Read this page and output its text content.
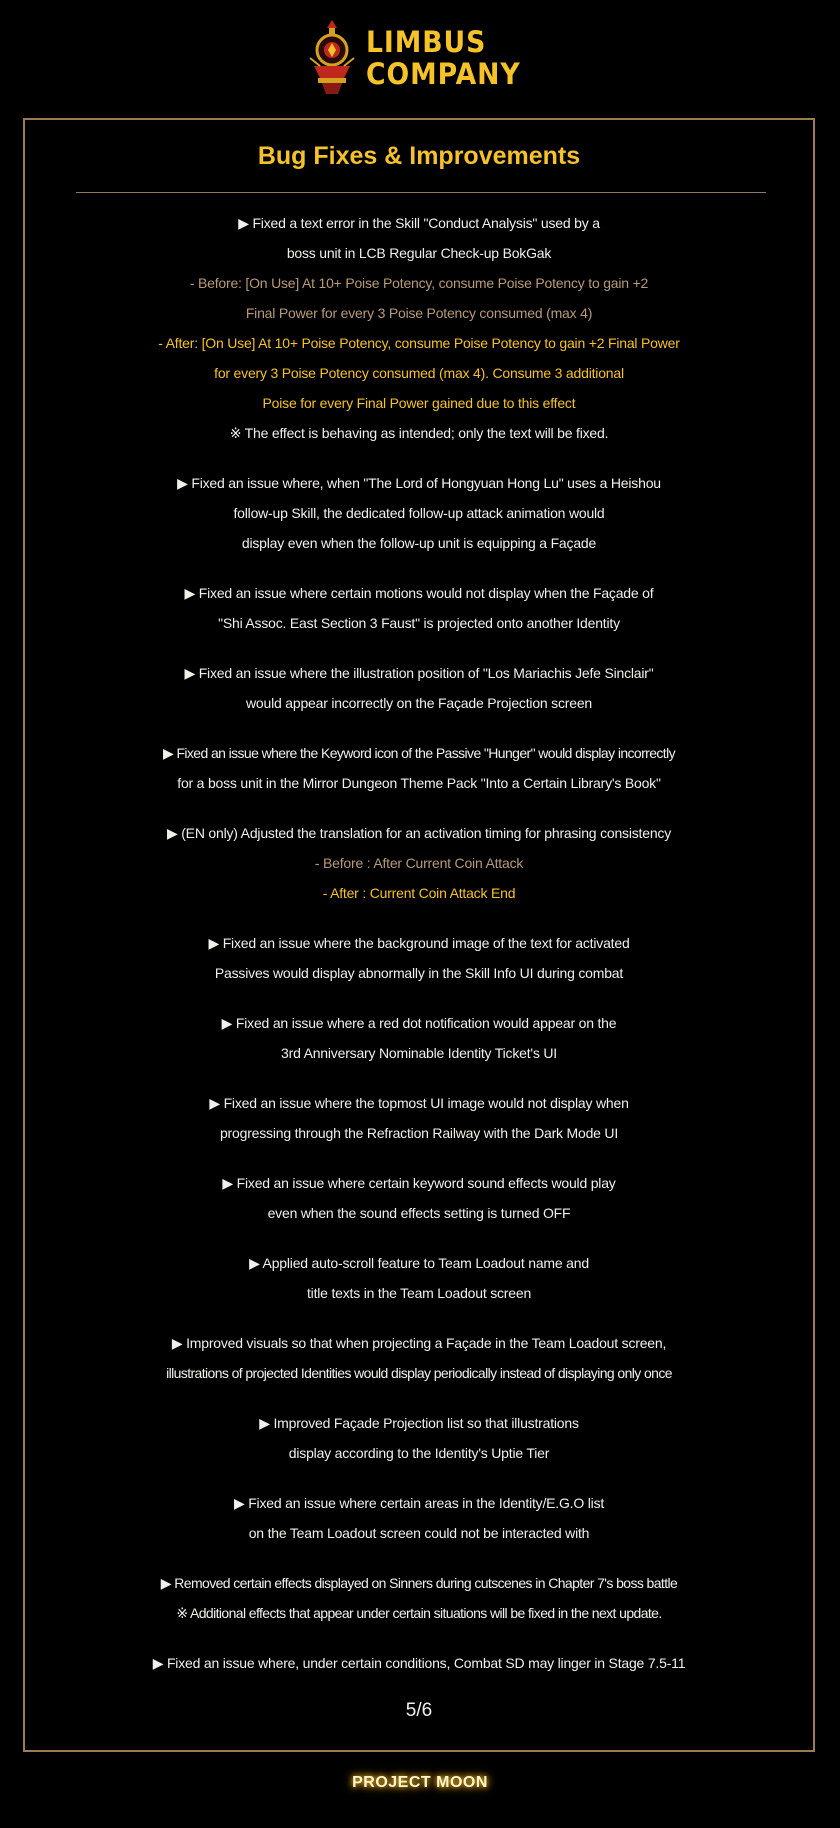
LIMBUS
COMPANY
Bug Fixes & Improvements
▶ Fixed a text error in the Skill "Conduct Analysis" used by a
boss unit in LCB Regular Check-up BokGak
- Before: [On Use] At 10+ Poise Potency, consume Poise Potency to gain +2
Final Power for every 3 Poise Potency consumed (max 4)
- After: [On Use] At 10+ Poise Potency, consume Poise Potency to gain +2 Final Power
for every 3 Poise Potency consumed (max 4). Consume 3 additional
Poise for every Final Power gained due to this effect
※ The effect is behaving as intended; only the text will be fixed.
▶ Fixed an issue where, when "The Lord of Hongyuan Hong Lu" uses a Heishou
follow-up Skill, the dedicated follow-up attack animation would
display even when the follow-up unit is equipping a Façade
▶ Fixed an issue where certain motions would not display when the Façade of
"Shi Assoc. East Section 3 Faust" is projected onto another Identity
▶ Fixed an issue where the illustration position of "Los Mariachis Jefe Sinclair"
would appear incorrectly on the Façade Projection screen
▶ Fixed an issue where the Keyword icon of the Passive "Hunger" would display incorrectly
for a boss unit in the Mirror Dungeon Theme Pack "Into a Certain Library's Book"
▶ (EN only) Adjusted the translation for an activation timing for phrasing consistency
- Before : After Current Coin Attack
- After : Current Coin Attack End
▶ Fixed an issue where the background image of the text for activated
Passives would display abnormally in the Skill Info UI during combat
▶ Fixed an issue where a red dot notification would appear on the
3rd Anniversary Nominable Identity Ticket's UI
▶ Fixed an issue where the topmost UI image would not display when
progressing through the Refraction Railway with the Dark Mode UI
▶ Fixed an issue where certain keyword sound effects would play
even when the sound effects setting is turned OFF
▶ Applied auto-scroll feature to Team Loadout name and
title texts in the Team Loadout screen
▶ Improved visuals so that when projecting a Façade in the Team Loadout screen,
illustrations of projected Identities would display periodically instead of displaying only once
▶ Improved Façade Projection list so that illustrations
display according to the Identity's Uptie Tier
▶ Fixed an issue where certain areas in the Identity/E.G.O list
on the Team Loadout screen could not be interacted with
▶ Removed certain effects displayed on Sinners during cutscenes in Chapter 7's boss battle
※ Additional effects that appear under certain situations will be fixed in the next update.
▶ Fixed an issue where, under certain conditions, Combat SD may linger in Stage 7.5-11
5/6
PROJECT MOON
